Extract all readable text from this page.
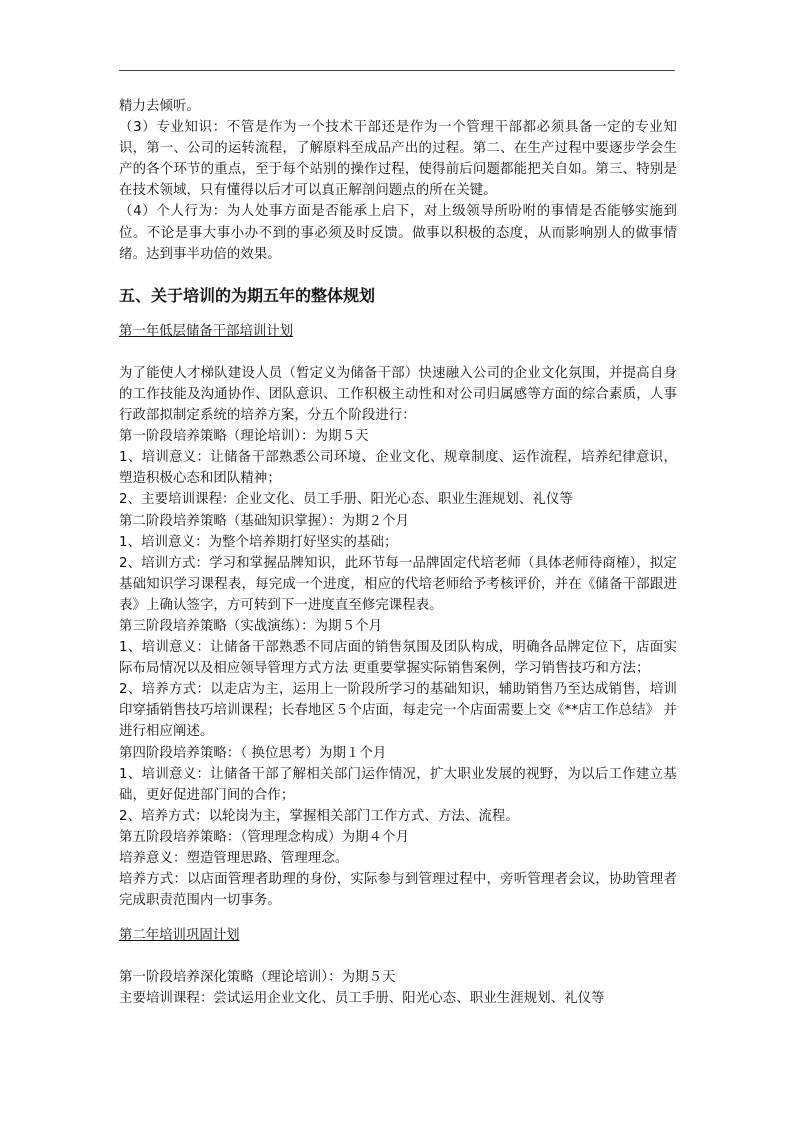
精力去倾听。

（3）专业知识：不管是作为一个技术干部还是作为一个管理干部都必须具备一定的专业知识，第一、公司的运转流程，了解原料至成品产出的过程。第二、在生产过程中要逐步学会生产的各个环节的重点，至于每个站别的操作过程，使得前后问题都能把关自如。第三、特别是在技术领域，只有懂得以后才可以真正解剖问题点的所在关键。

（4）个人行为：为人处事方面是否能承上启下，对上级领导所吩咐的事情是否能够实施到位。不论是事大事小办不到的事必须及时反馈。做事以积极的态度，从而影响别人的做事情绪。达到事半功倍的效果。

五、关于培训的为期五年的整体规划

第一年低层储备干部培训计划

为了能使人才梯队建设人员（暂定义为储备干部）快速融入公司的企业文化氛围，并提高自身的工作技能及沟通协作、团队意识、工作积极主动性和对公司归属感等方面的综合素质，人事行政部拟制定系统的培养方案，分五个阶段进行：

第一阶段培养策略（理论培训）：为期５天

1、培训意义：让储备干部熟悉公司环境、企业文化、规章制度、运作流程，培养纪律意识，塑造积极心态和团队精神；

2、主要培训课程：企业文化、员工手册、阳光心态、职业生涯规划、礼仪等

第二阶段培养策略（基础知识掌握）：为期２个月

1、培训意义：为整个培养期打好坚实的基础；

2、培训方式：学习和掌握品牌知识，此环节每一品牌固定代培老师（具体老师待商榷），拟定基础知识学习课程表，每完成一个进度，相应的代培老师给予考核评价，并在《储备干部跟进表》上确认签字，方可转到下一进度直至修完课程表。

第三阶段培养策略（实战演练）：为期５个月

1、培训意义：让储备干部熟悉不同店面的销售氛围及团队构成，明确各品牌定位下，店面实际布局情况以及相应领导管理方式方法 更重要掌握实际销售案例，学习销售技巧和方法；

2、培养方式：以走店为主，运用上一阶段所学习的基础知识，辅助销售乃至达成销售，培训印穿插销售技巧培训课程；长春地区５个店面，每走完一个店面需要上交《**店工作总结》 并进行相应阐述。

第四阶段培养策略：（ 换位思考）为期１个月

1、培训意义：让储备干部了解相关部门运作情况，扩大职业发展的视野，为以后工作建立基础，更好促进部门间的合作；

2、培养方式：以轮岗为主，掌握相关部门工作方式、方法、流程。

第五阶段培养策略：（管理理念构成）为期４个月

培养意义：塑造管理思路、管理理念。

培养方式：以店面管理者助理的身份，实际参与到管理过程中，旁听管理者会议，协助管理者完成职责范围内一切事务。

第二年培训巩固计划

第一阶段培养深化策略（理论培训）：为期５天

主要培训课程：尝试运用企业文化、员工手册、阳光心态、职业生涯规划、礼仪等
